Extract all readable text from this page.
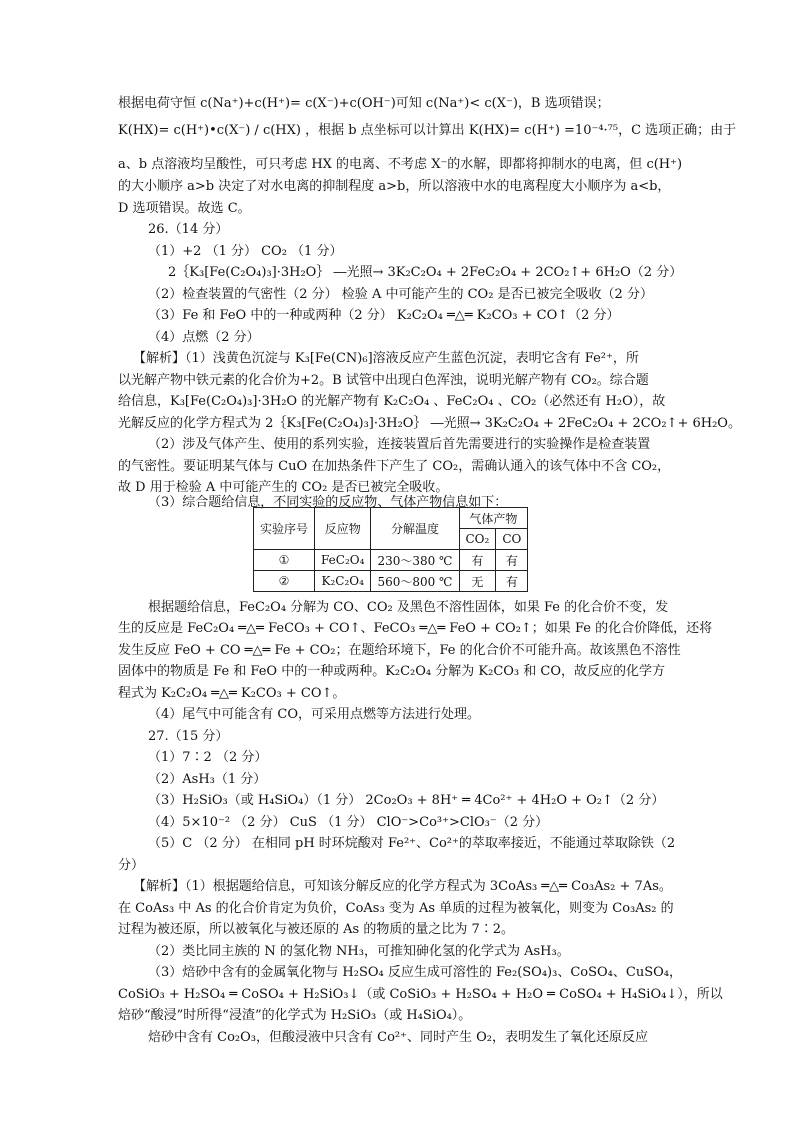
根据电荷守恒 c(Na⁺)+c(H⁺)= c(X⁻)+c(OH⁻)可知 c(Na⁺)< c(X⁻)，B 选项错误；
K(HX)= c(H⁺)•c(X⁻) / c(HX) ，根据 b 点坐标可以计算出 K(HX)= c(H⁺) =10⁻⁴·⁷⁵，C 选项正确；由于
a、b 点溶液均呈酸性，可只考虑 HX 的电离、不考虑 X⁻的水解，即都将抑制水的电离，但 c(H⁺)
的大小顺序 a>b 决定了对水电离的抑制程度 a>b，所以溶液中水的电离程度大小顺序为 a<b，
D 选项错误。故选 C。
26.（14 分）
（1）+2 （1 分） CO₂ （1 分）
2｛K₃[Fe(C₂O₄)₃]·3H₂O｝ ―光照→ 3K₂C₂O₄ + 2FeC₂O₄ + 2CO₂↑+ 6H₂O（2 分）
（2）检查装置的气密性（2 分） 检验 A 中可能产生的 CO₂ 是否已被完全吸收（2 分）
（3）Fe 和 FeO 中的一种或两种（2 分） K₂C₂O₄ ═△═ K₂CO₃ + CO↑（2 分）
（4）点燃（2 分）
【解析】（1）浅黄色沉淀与 K₃[Fe(CN)₆]溶液反应产生蓝色沉淀，表明它含有 Fe²⁺，所
以光解产物中铁元素的化合价为+2。B 试管中出现白色浑浊，说明光解产物有 CO₂。综合题
给信息，K₃[Fe(C₂O₄)₃]·3H₂O 的光解产物有 K₂C₂O₄ 、FeC₂O₄ 、CO₂（必然还有 H₂O），故
光解反应的化学方程式为 2｛K₃[Fe(C₂O₄)₃]·3H₂O｝ ―光照→ 3K₂C₂O₄ + 2FeC₂O₄ + 2CO₂↑+ 6H₂O。
（2）涉及气体产生、使用的系列实验，连接装置后首先需要进行的实验操作是检查装置
的气密性。要证明某气体与 CuO 在加热条件下产生了 CO₂，需确认通入的该气体中不含 CO₂，
故 D 用于检验 A 中可能产生的 CO₂ 是否已被完全吸收。
（3）综合题给信息，不同实验的反应物、气体产物信息如下：
实验序号	反应物	分解温度	气体产物	
			CO₂	CO
①	FeC₂O₄	230～380 ℃	有	有
②	K₂C₂O₄	560～800 ℃	无	有
根据题给信息，FeC₂O₄ 分解为 CO、CO₂ 及黑色不溶性固体，如果 Fe 的化合价不变，发
生的反应是 FeC₂O₄ ═△═ FeCO₃ + CO↑、FeCO₃ ═△═ FeO + CO₂↑；如果 Fe 的化合价降低，还将
发生反应 FeO + CO ═△═ Fe + CO₂；在题给环境下，Fe 的化合价不可能升高。故该黑色不溶性
固体中的物质是 Fe 和 FeO 中的一种或两种。K₂C₂O₄ 分解为 K₂CO₃ 和 CO，故反应的化学方
程式为 K₂C₂O₄ ═△═ K₂CO₃ + CO↑。
（4）尾气中可能含有 CO，可采用点燃等方法进行处理。
27.（15 分）
（1）7∶2 （2 分）
（2）AsH₃（1 分）
（3）H₂SiO₃（或 H₄SiO₄）（1 分） 2Co₂O₃ + 8H⁺ ═ 4Co²⁺ + 4H₂O + O₂↑（2 分）
（4）5×10⁻² （2 分） CuS （1 分） ClO⁻>Co³⁺>ClO₃⁻（2 分）
（5）C （2 分） 在相同 pH 时环烷酸对 Fe²⁺、Co²⁺的萃取率接近，不能通过萃取除铁（2
分）
【解析】（1）根据题给信息，可知该分解反应的化学方程式为 3CoAs₃ ═△═ Co₃As₂ + 7As。
在 CoAs₃ 中 As 的化合价肯定为负价，CoAs₃ 变为 As 单质的过程为被氧化，则变为 Co₃As₂ 的
过程为被还原，所以被氧化与被还原的 As 的物质的量之比为 7∶2。
（2）类比同主族的 N 的氢化物 NH₃，可推知砷化氢的化学式为 AsH₃。
（3）焙砂中含有的金属氧化物与 H₂SO₄ 反应生成可溶性的 Fe₂(SO₄)₃、CoSO₄、CuSO₄，
CoSiO₃ + H₂SO₄ ═ CoSO₄ + H₂SiO₃↓（或 CoSiO₃ + H₂SO₄ + H₂O ═ CoSO₄ + H₄SiO₄↓），所以
焙砂“酸浸”时所得“浸渣”的化学式为 H₂SiO₃（或 H₄SiO₄）。
焙砂中含有 Co₂O₃，但酸浸液中只含有 Co²⁺、同时产生 O₂，表明发生了氧化还原反应
